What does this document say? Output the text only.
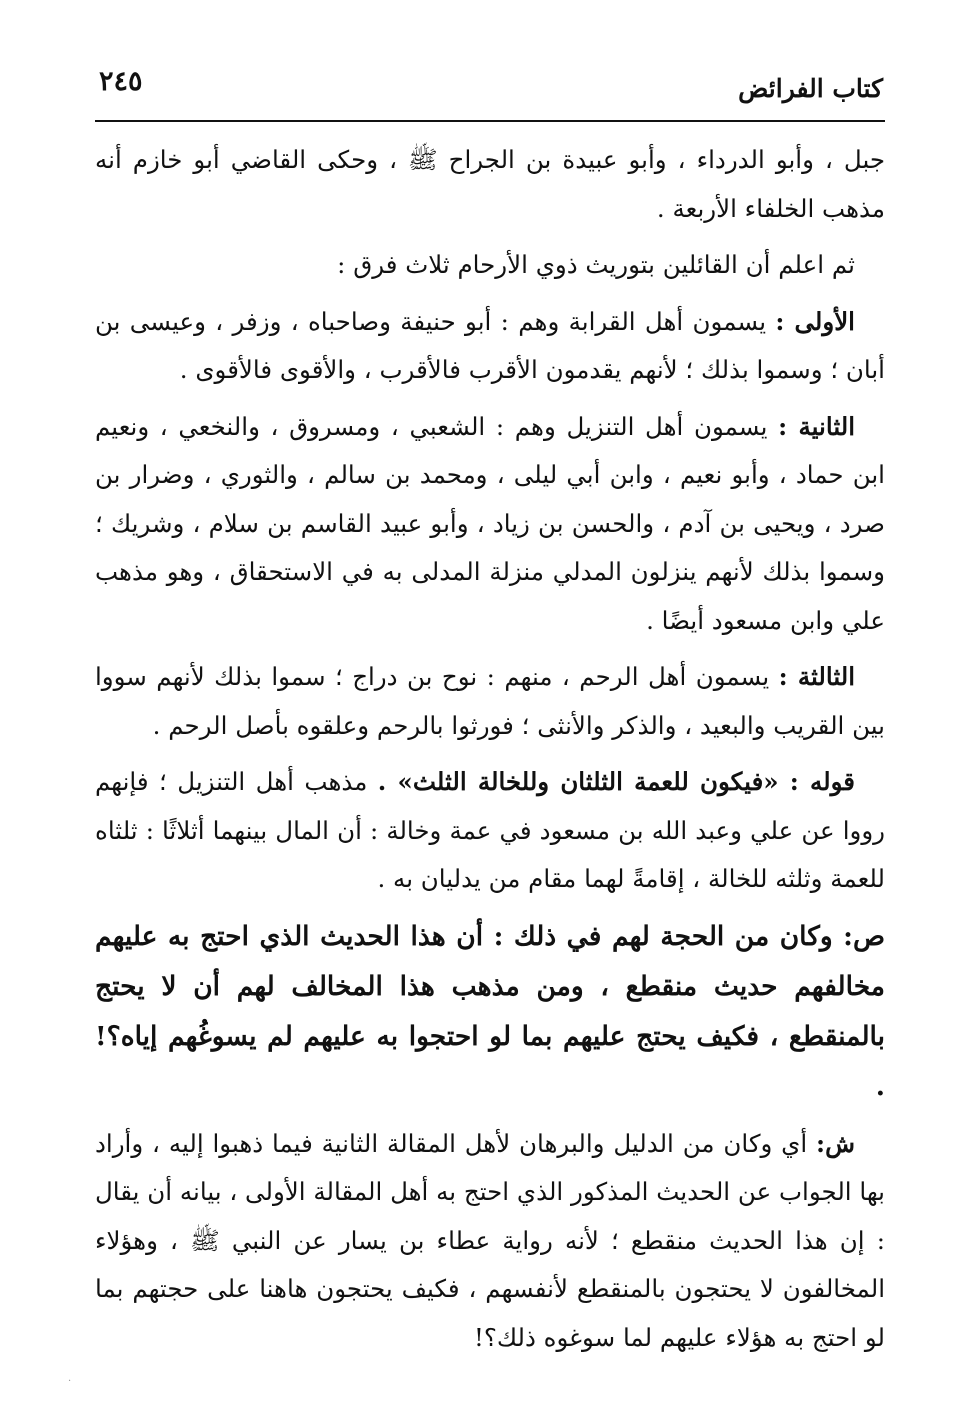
٢٤٥	كتاب الفرائض

جبل ، وأبو الدرداء ، وأبو عبيدة بن الجراح ﷺ ، وحكى القاضي أبو خازم أنه مذهب الخلفاء الأربعة .

ثم اعلم أن القائلين بتوريث ذوي الأرحام ثلاث فرق :

الأولى : يسمون أهل القرابة وهم : أبو حنيفة وصاحباه ، وزفر ، وعيسى بن أبان ؛ وسموا بذلك ؛ لأنهم يقدمون الأقرب فالأقرب ، والأقوى فالأقوى .

الثانية : يسمون أهل التنزيل وهم : الشعبي ، ومسروق ، والنخعي ، ونعيم ابن حماد ، وأبو نعيم ، وابن أبي ليلى ، ومحمد بن سالم ، والثوري ، وضرار بن صرد ، ويحيى بن آدم ، والحسن بن زياد ، وأبو عبيد القاسم بن سلام ، وشريك ؛ وسموا بذلك لأنهم ينزلون المدلي منزلة المدلى به في الاستحقاق ، وهو مذهب علي وابن مسعود أيضًا .

الثالثة : يسمون أهل الرحم ، منهم : نوح بن دراج ؛ سموا بذلك لأنهم سووا بين القريب والبعيد ، والذكر والأنثى ؛ فورثوا بالرحم وعلقوه بأصل الرحم .

قوله : «فيكون للعمة الثلثان وللخالة الثلث» . مذهب أهل التنزيل ؛ فإنهم رووا عن علي وعبد الله بن مسعود في عمة وخالة : أن المال بينهما أثلاثًا : ثلثاه للعمة وثلثه للخالة ، إقامةً لهما مقام من يدليان به .

ص: وكان من الحجة لهم في ذلك : أن هذا الحديث الذي احتج به عليهم مخالفهم حديث منقطع ، ومن مذهب هذا المخالف لهم أن لا يحتج بالمنقطع ، فكيف يحتج عليهم بما لو احتجوا به عليهم لم يسوغُهم إياه؟! .

ش: أي وكان من الدليل والبرهان لأهل المقالة الثانية فيما ذهبوا إليه ، وأراد بها الجواب عن الحديث المذكور الذي احتج به أهل المقالة الأولى ، بيانه أن يقال : إن هذا الحديث منقطع ؛ لأنه رواية عطاء بن يسار عن النبي ﷺ ، وهؤلاء المخالفون لا يحتجون بالمنقطع لأنفسهم ، فكيف يحتجون هاهنا على حجتهم بما لو احتج به هؤلاء عليهم لما سوغوه ذلك؟!

·
